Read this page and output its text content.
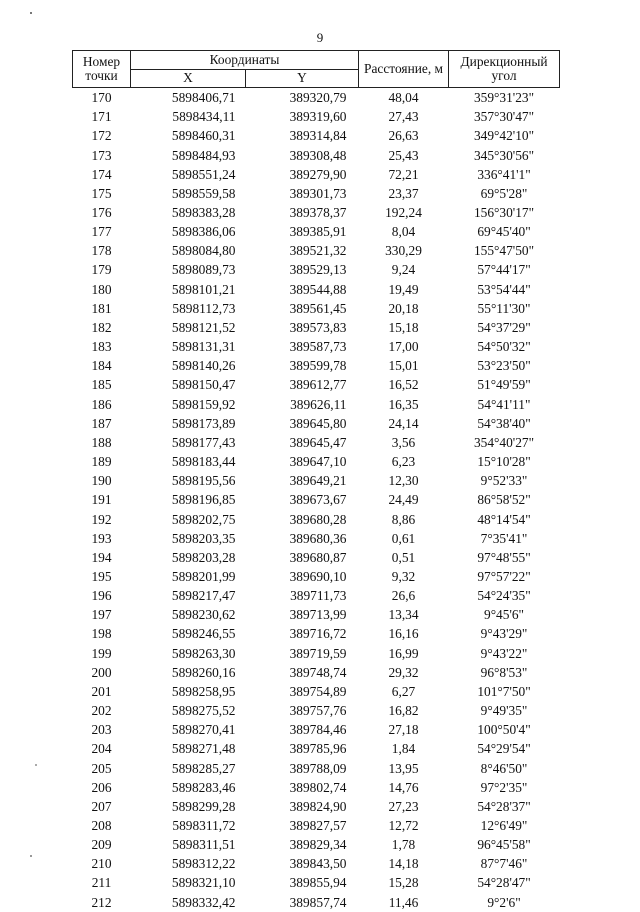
9
Номер
точки	Координаты		Расстояние, м	Дирекционный
угол
	X	Y		
170	5898406,71	389320,79	48,04	359°31'23"
171	5898434,11	389319,60	27,43	357°30'47"
172	5898460,31	389314,84	26,63	349°42'10"
173	5898484,93	389308,48	25,43	345°30'56"
174	5898551,24	389279,90	72,21	336°41'1"
175	5898559,58	389301,73	23,37	69°5'28"
176	5898383,28	389378,37	192,24	156°30'17"
177	5898386,06	389385,91	8,04	69°45'40"
178	5898084,80	389521,32	330,29	155°47'50"
179	5898089,73	389529,13	9,24	57°44'17"
180	5898101,21	389544,88	19,49	53°54'44"
181	5898112,73	389561,45	20,18	55°11'30"
182	5898121,52	389573,83	15,18	54°37'29"
183	5898131,31	389587,73	17,00	54°50'32"
184	5898140,26	389599,78	15,01	53°23'50"
185	5898150,47	389612,77	16,52	51°49'59"
186	5898159,92	389626,11	16,35	54°41'11"
187	5898173,89	389645,80	24,14	54°38'40"
188	5898177,43	389645,47	3,56	354°40'27"
189	5898183,44	389647,10	6,23	15°10'28"
190	5898195,56	389649,21	12,30	9°52'33"
191	5898196,85	389673,67	24,49	86°58'52"
192	5898202,75	389680,28	8,86	48°14'54"
193	5898203,35	389680,36	0,61	7°35'41"
194	5898203,28	389680,87	0,51	97°48'55"
195	5898201,99	389690,10	9,32	97°57'22"
196	5898217,47	389711,73	26,6	54°24'35"
197	5898230,62	389713,99	13,34	9°45'6"
198	5898246,55	389716,72	16,16	9°43'29"
199	5898263,30	389719,59	16,99	9°43'22"
200	5898260,16	389748,74	29,32	96°8'53"
201	5898258,95	389754,89	6,27	101°7'50"
202	5898275,52	389757,76	16,82	9°49'35"
203	5898270,41	389784,46	27,18	100°50'4"
204	5898271,48	389785,96	1,84	54°29'54"
205	5898285,27	389788,09	13,95	8°46'50"
206	5898283,46	389802,74	14,76	97°2'35"
207	5898299,28	389824,90	27,23	54°28'37"
208	5898311,72	389827,57	12,72	12°6'49"
209	5898311,51	389829,34	1,78	96°45'58"
210	5898312,22	389843,50	14,18	87°7'46"
211	5898321,10	389855,94	15,28	54°28'47"
212	5898332,42	389857,74	11,46	9°2'6"
